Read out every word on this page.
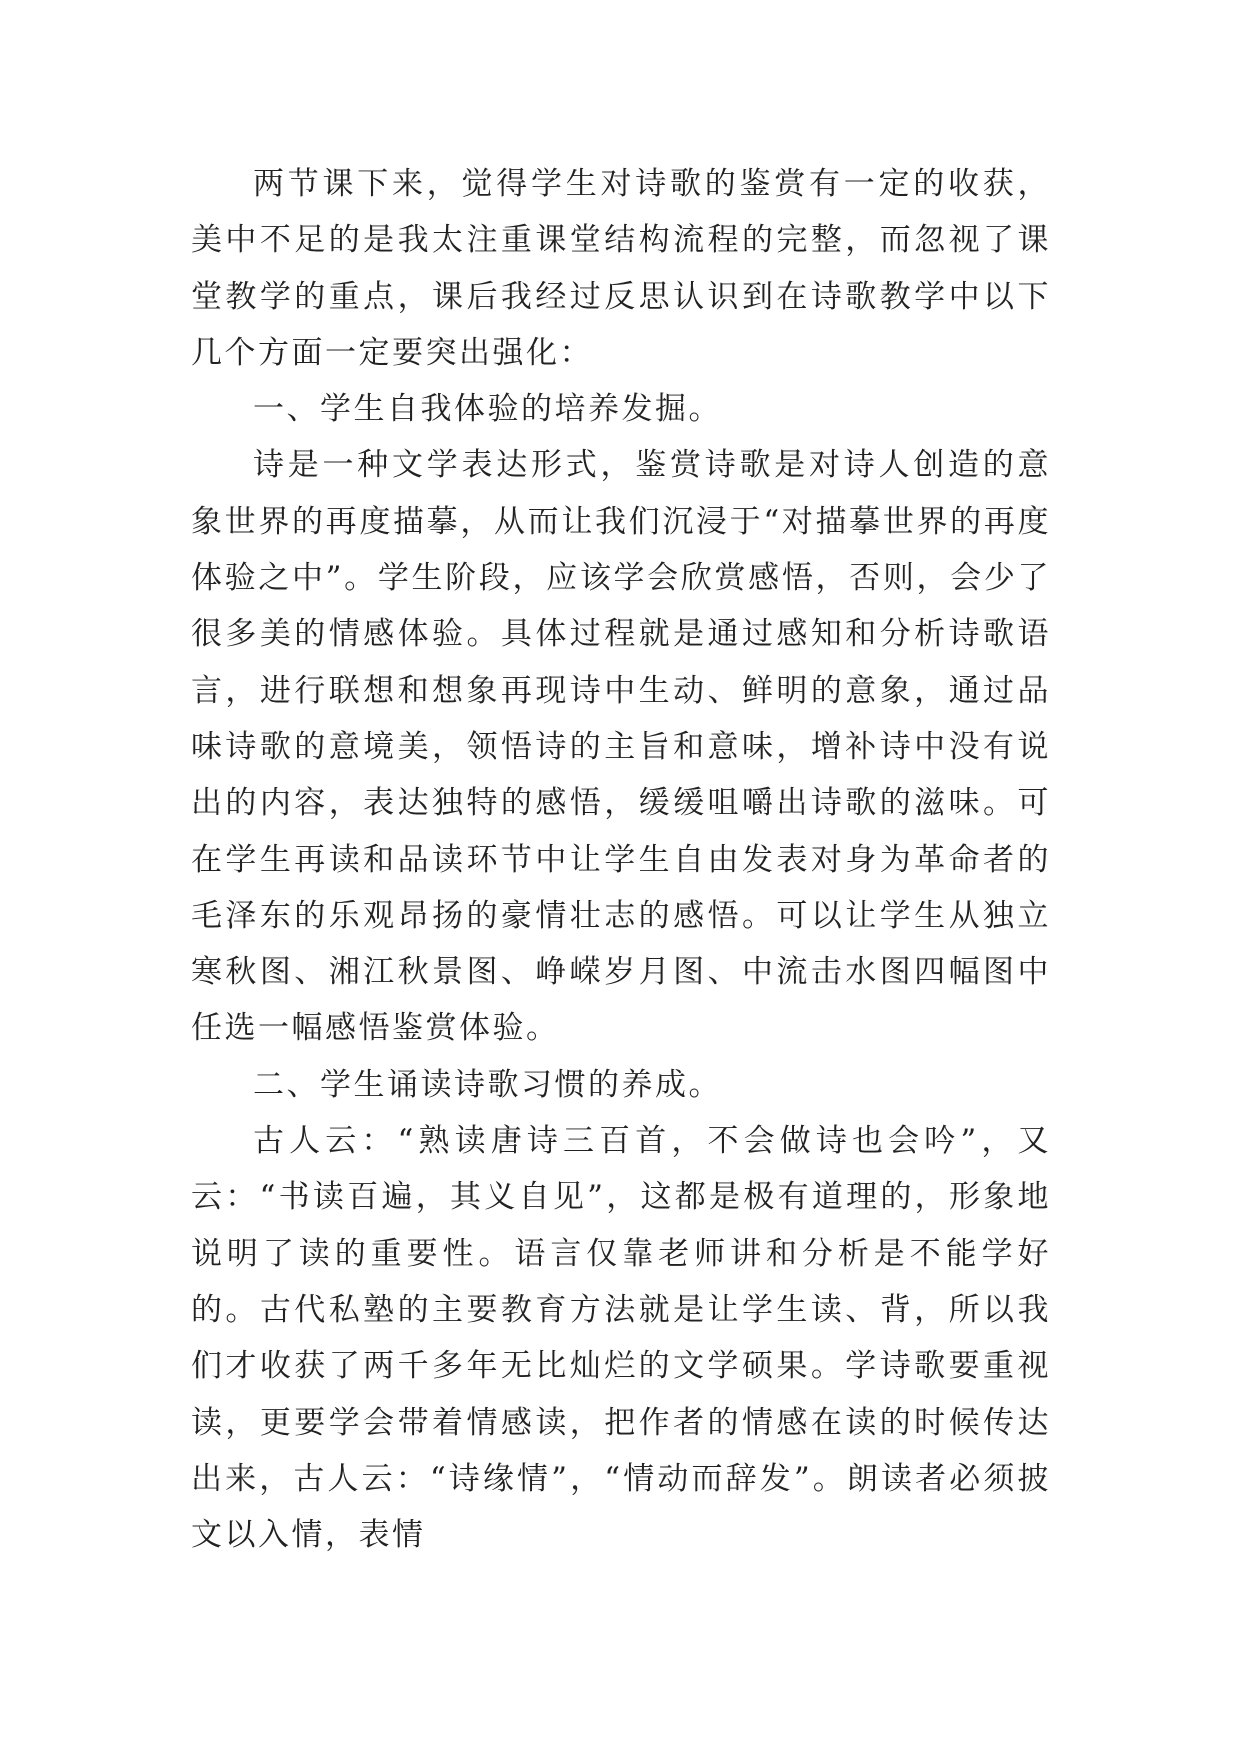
两节课下来，觉得学生对诗歌的鉴赏有一定的收获，美中不足的是我太注重课堂结构流程的完整，而忽视了课堂教学的重点，课后我经过反思认识到在诗歌教学中以下几个方面一定要突出强化：

一、学生自我体验的培养发掘。

诗是一种文学表达形式，鉴赏诗歌是对诗人创造的意象世界的再度描摹，从而让我们沉浸于“对描摹世界的再度体验之中”。学生阶段，应该学会欣赏感悟，否则，会少了很多美的情感体验。具体过程就是通过感知和分析诗歌语言，进行联想和想象再现诗中生动、鲜明的意象，通过品味诗歌的意境美，领悟诗的主旨和意味，增补诗中没有说出的内容，表达独特的感悟，缓缓咀嚼出诗歌的滋味。可在学生再读和品读环节中让学生自由发表对身为革命者的毛泽东的乐观昂扬的豪情壮志的感悟。可以让学生从独立寒秋图、湘江秋景图、峥嵘岁月图、中流击水图四幅图中任选一幅感悟鉴赏体验。

二、学生诵读诗歌习惯的养成。

古人云：“熟读唐诗三百首，不会做诗也会吟”，又云：“书读百遍，其义自见”，这都是极有道理的，形象地说明了读的重要性。语言仅靠老师讲和分析是不能学好的。古代私塾的主要教育方法就是让学生读、背，所以我们才收获了两千多年无比灿烂的文学硕果。学诗歌要重视读，更要学会带着情感读，把作者的情感在读的时候传达出来，古人云：“诗缘情”，“情动而辞发”。朗读者必须披文以入情，表情
